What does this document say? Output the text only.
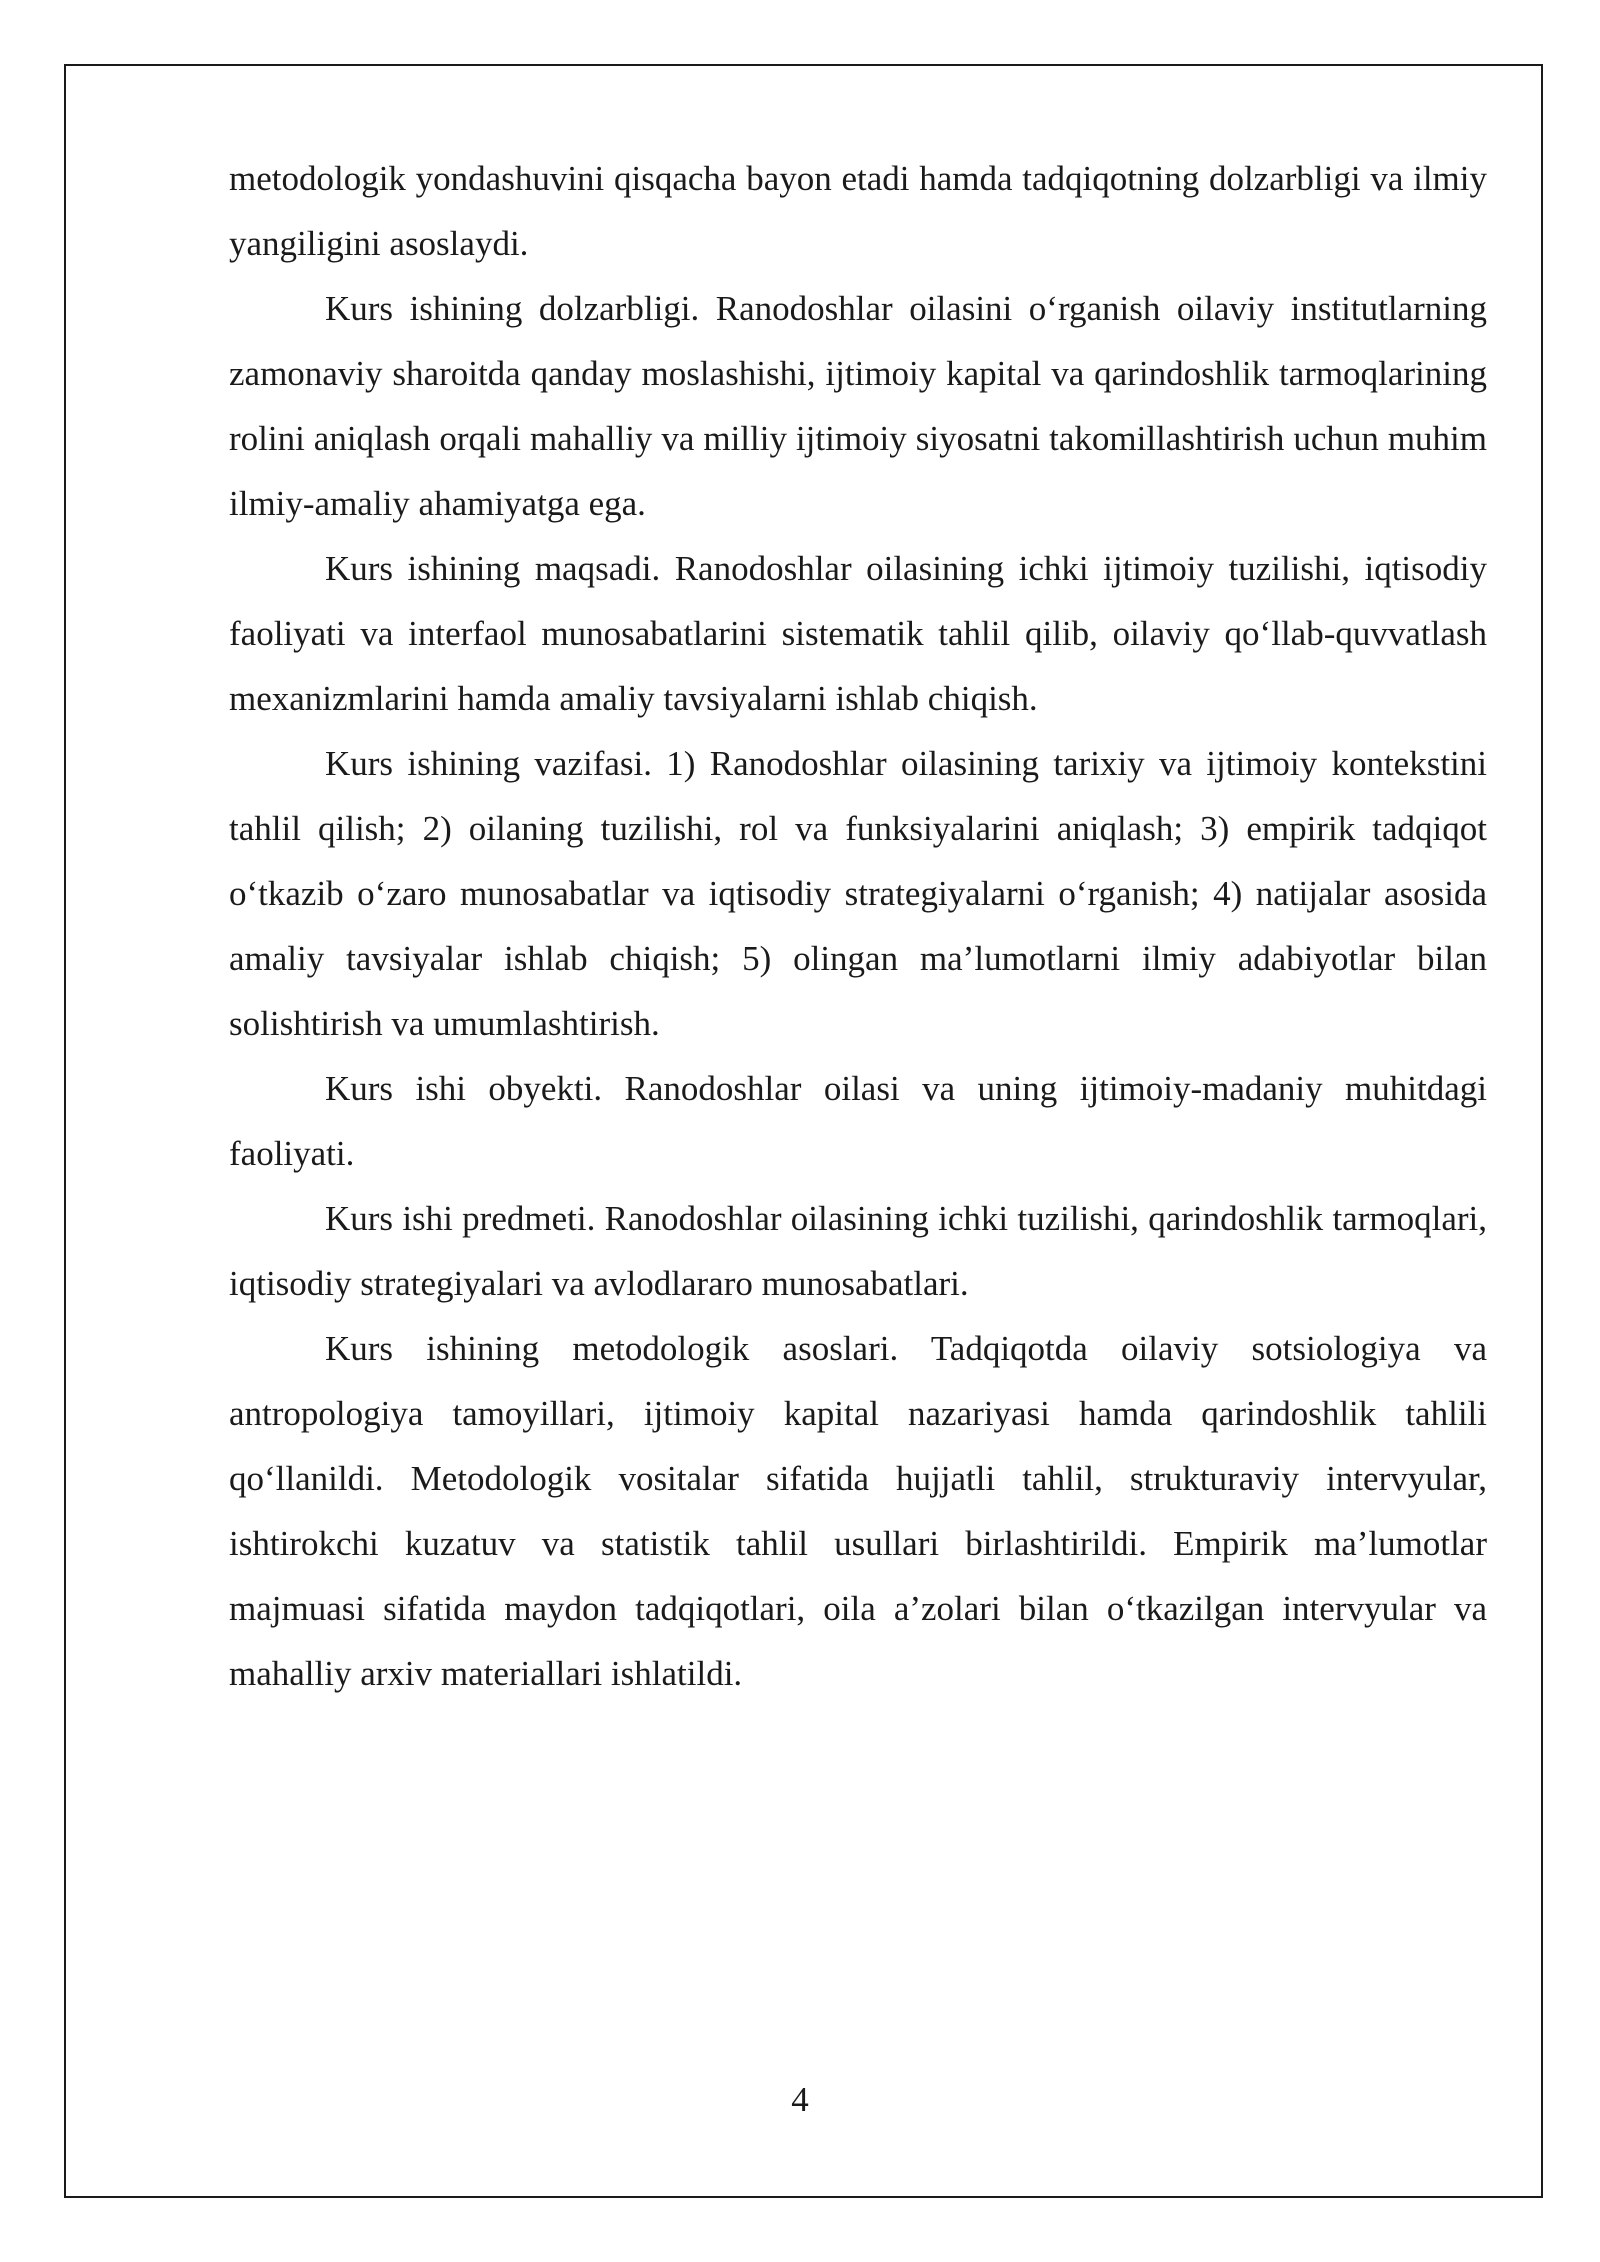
metodologik yondashuvini qisqacha bayon etadi hamda tadqiqotning dolzarbligi va ilmiy yangiligini asoslaydi.

Kurs ishining dolzarbligi. Ranodoshlar oilasini o‘rganish oilaviy institutlarning zamonaviy sharoitda qanday moslashishi, ijtimoiy kapital va qarindoshlik tarmoqlarining rolini aniqlash orqali mahalliy va milliy ijtimoiy siyosatni takomillashtirish uchun muhim ilmiy-amaliy ahamiyatga ega.

Kurs ishining maqsadi. Ranodoshlar oilasining ichki ijtimoiy tuzilishi, iqtisodiy faoliyati va interfaol munosabatlarini sistematik tahlil qilib, oilaviy qo‘llab-quvvatlash mexanizmlarini hamda amaliy tavsiyalarni ishlab chiqish.

Kurs ishining vazifasi. 1) Ranodoshlar oilasining tarixiy va ijtimoiy kontekstini tahlil qilish; 2) oilaning tuzilishi, rol va funksiyalarini aniqlash; 3) empirik tadqiqot o‘tkazib o‘zaro munosabatlar va iqtisodiy strategiyalarni o‘rganish; 4) natijalar asosida amaliy tavsiyalar ishlab chiqish; 5) olingan ma’lumotlarni ilmiy adabiyotlar bilan solishtirish va umumlashtirish.

Kurs ishi obyekti. Ranodoshlar oilasi va uning ijtimoiy-madaniy muhitdagi faoliyati.

Kurs ishi predmeti. Ranodoshlar oilasining ichki tuzilishi, qarindoshlik tarmoqlari, iqtisodiy strategiyalari va avlodlararo munosabatlari.

Kurs ishining metodologik asoslari. Tadqiqotda oilaviy sotsiologiya va antropologiya tamoyillari, ijtimoiy kapital nazariyasi hamda qarindoshlik tahlili qo‘llanildi. Metodologik vositalar sifatida hujjatli tahlil, strukturaviy intervyular, ishtirokchi kuzatuv va statistik tahlil usullari birlashtirildi. Empirik ma’lumotlar majmuasi sifatida maydon tadqiqotlari, oila a’zolari bilan o‘tkazilgan intervyular va mahalliy arxiv materiallari ishlatildi.

4
